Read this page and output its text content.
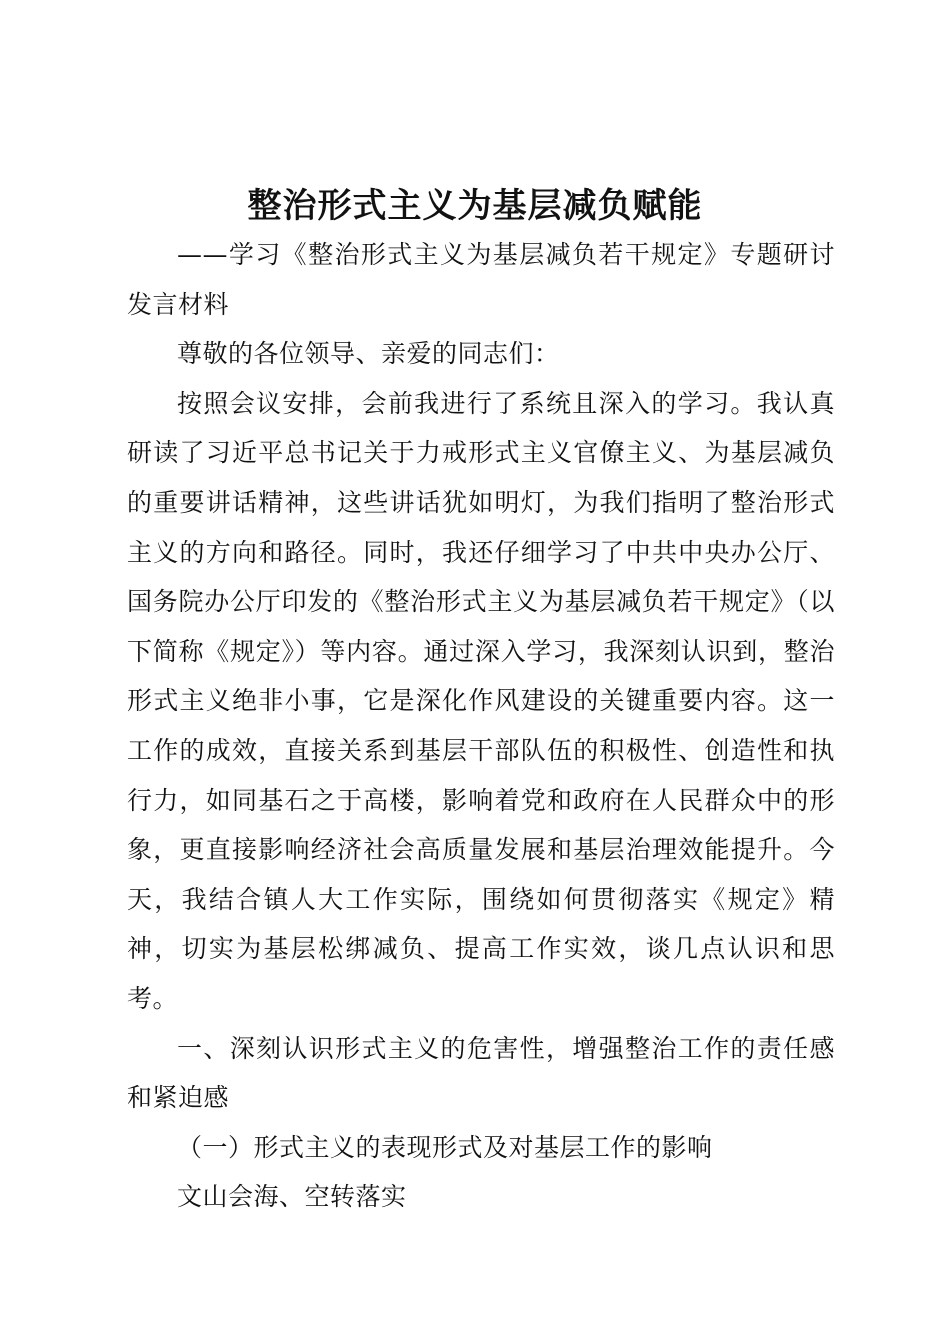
整治形式主义为基层减负赋能

——学习《整治形式主义为基层减负若干规定》专题研讨发言材料

尊敬的各位领导、亲爱的同志们：

按照会议安排，会前我进行了系统且深入的学习。我认真研读了习近平总书记关于力戒形式主义官僚主义、为基层减负的重要讲话精神，这些讲话犹如明灯，为我们指明了整治形式主义的方向和路径。同时，我还仔细学习了中共中央办公厅、国务院办公厅印发的《整治形式主义为基层减负若干规定》（以下简称《规定》）等内容。通过深入学习，我深刻认识到，整治形式主义绝非小事，它是深化作风建设的关键重要内容。这一工作的成效，直接关系到基层干部队伍的积极性、创造性和执行力，如同基石之于高楼，影响着党和政府在人民群众中的形象，更直接影响经济社会高质量发展和基层治理效能提升。今天，我结合镇人大工作实际，围绕如何贯彻落实《规定》精神，切实为基层松绑减负、提高工作实效，谈几点认识和思考。

一、深刻认识形式主义的危害性，增强整治工作的责任感和紧迫感

（一）形式主义的表现形式及对基层工作的影响

文山会海、空转落实
